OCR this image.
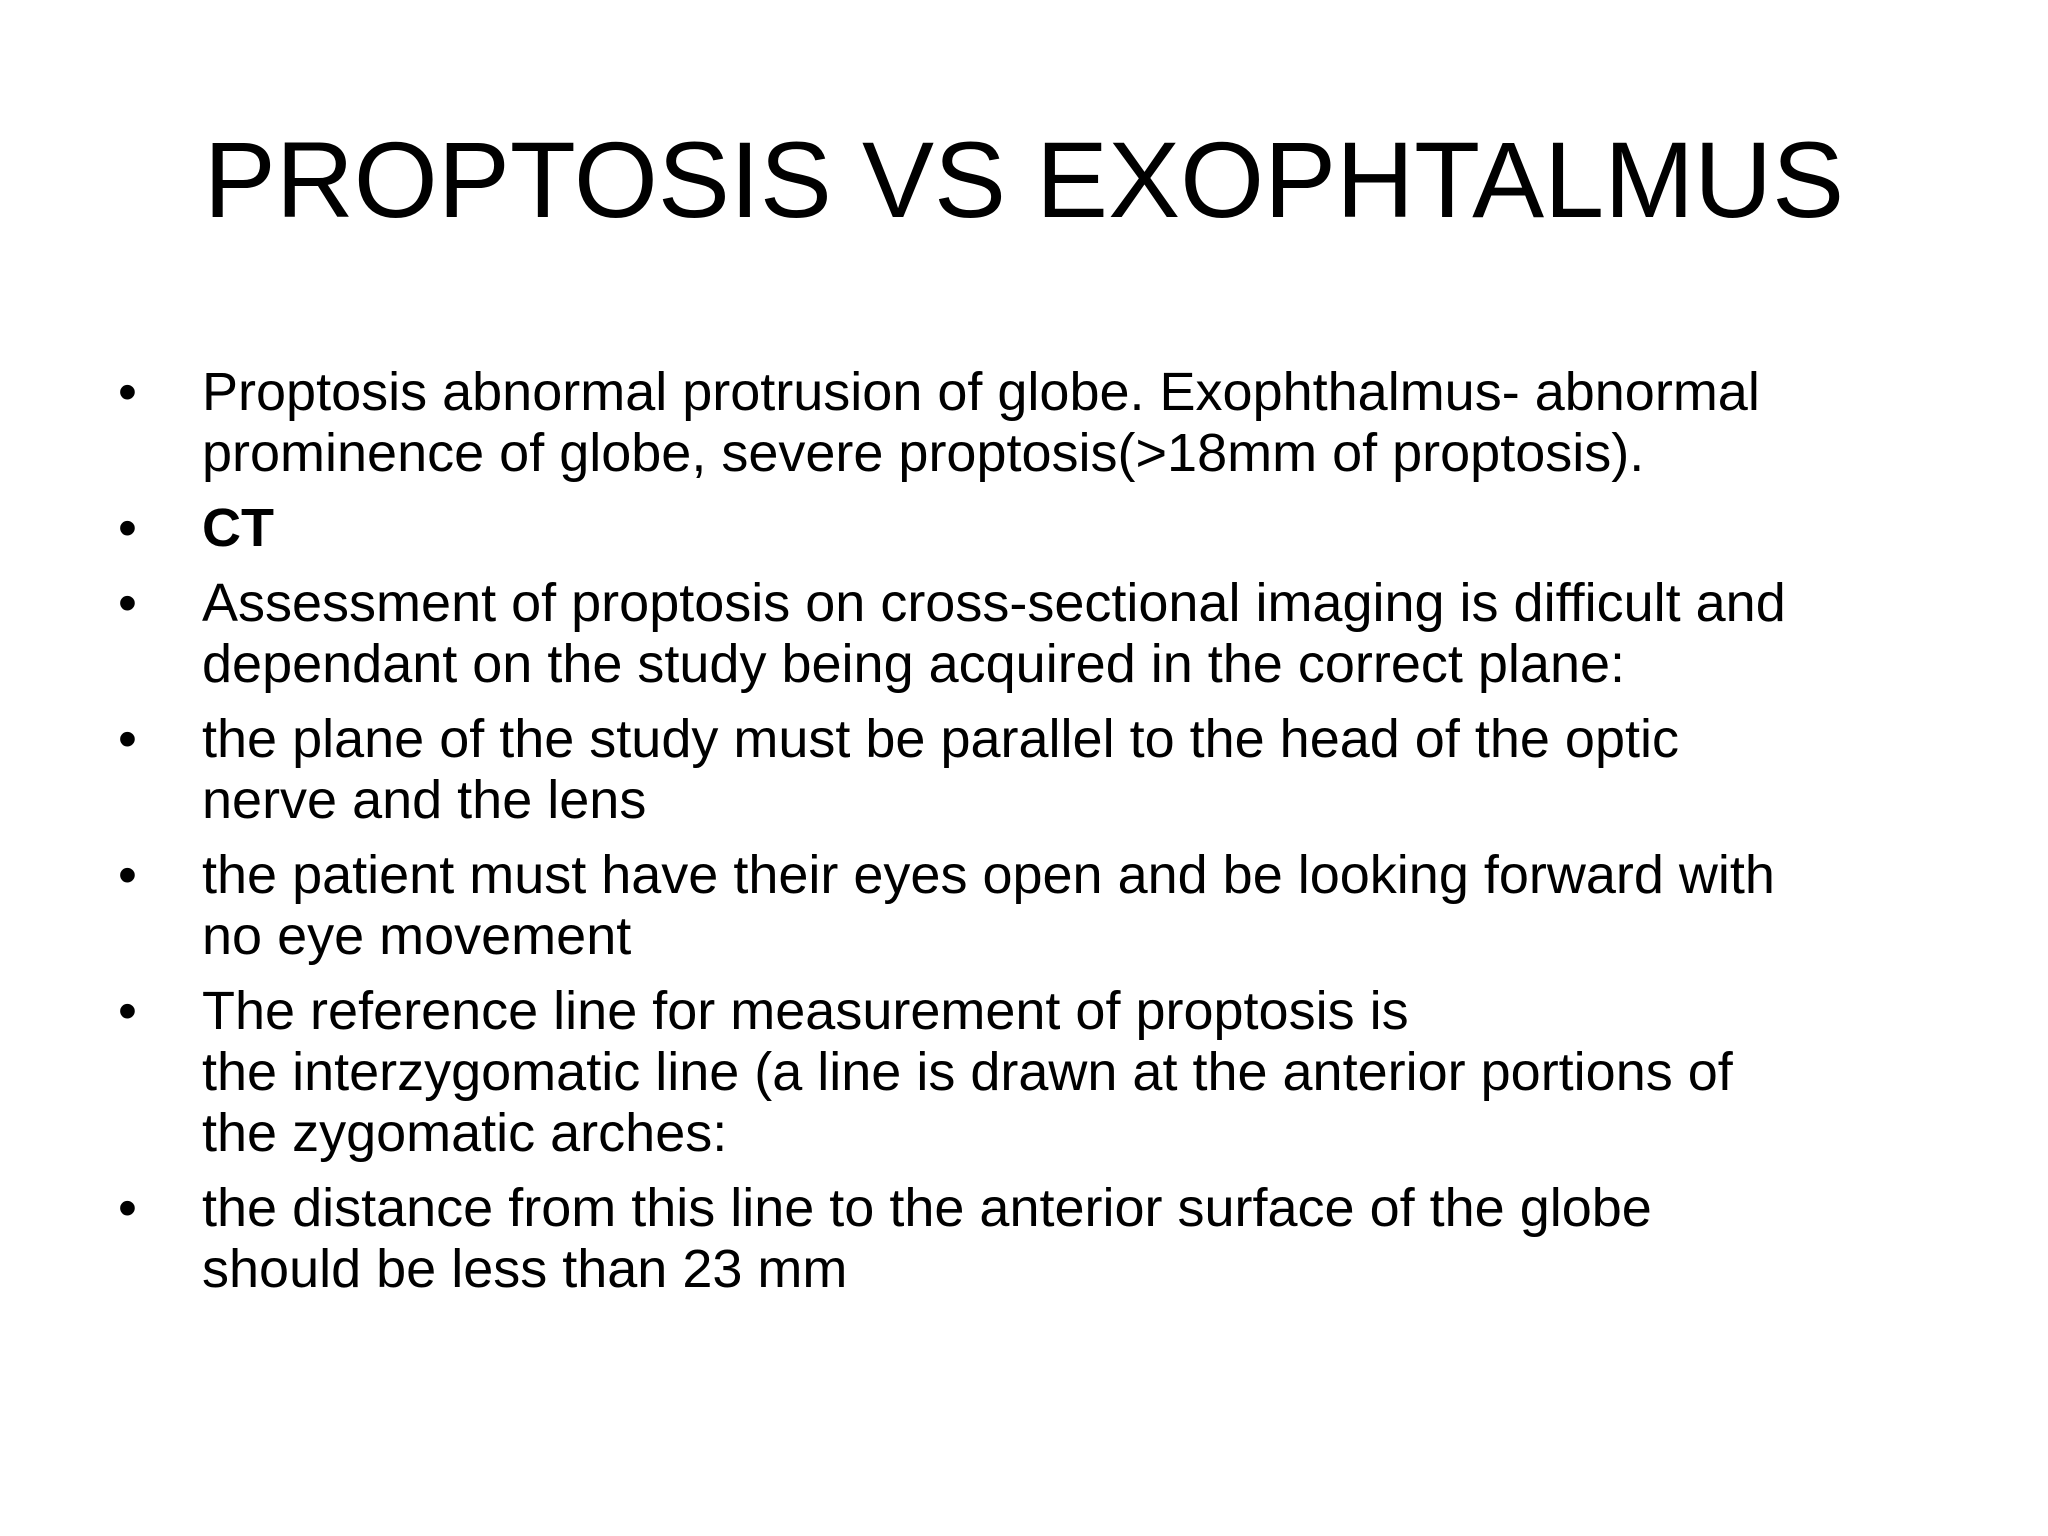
PROPTOSIS VS EXOPHTALMUS
•	Proptosis abnormal protrusion of globe. Exophthalmus- abnormal
prominence of globe, severe proptosis(>18mm of proptosis).
•	CT
•	Assessment of proptosis on cross-sectional imaging is difficult and
dependant on the study being acquired in the correct plane:
•	the plane of the study must be parallel to the head of the optic
nerve and the lens
•	the patient must have their eyes open and be looking forward with
no eye movement
•	The reference line for measurement of proptosis is
the interzygomatic line (a line is drawn at the anterior portions of
the zygomatic arches:
•	the distance from this line to the anterior surface of the globe
should be less than 23 mm
